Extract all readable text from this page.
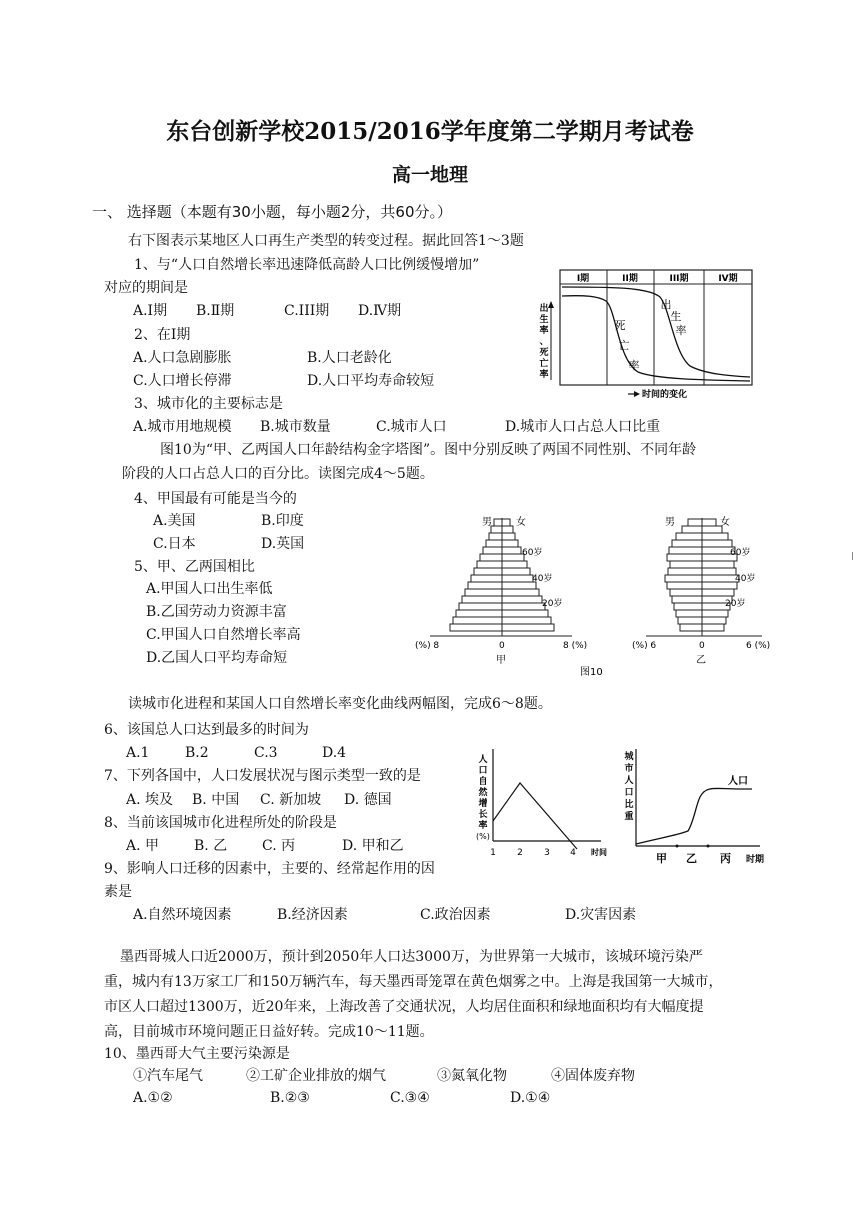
东台创新学校2015/2016学年度第二学期月考试卷
高一地理
一、 选择题（本题有30小题，每小题2分，共60分。）
右下图表示某地区人口再生产类型的转变过程。据此回答1～3题
1、与“人口自然增长率迅速降低高龄人口比例缓慢增加”
对应的期间是
A.Ⅰ期 B.Ⅱ期	C.III期 D.Ⅳ期
2、在Ⅰ期
A.人口急剧膨胀	B.人口老龄化
C.人口增长停滞	D.人口平均寿命较短
3、城市化的主要标志是
A.城市用地规模 B.城市数量	C.城市人口	D.城市人口占总人口比重
I期	II期	III期	IV期
出
生
率
、
死
亡
率
死
亡
率
出
生
率
时间的变化
图10为“甲、乙两国人口年龄结构金字塔图”。图中分别反映了两国不同性别、不同年龄
阶段的人口占总人口的百分比。读图完成4～5题。
4、甲国最有可能是当今的
A.美国	B.印度
C.日本	D.英国
5、甲、乙两国相比
A.甲国人口出生率低
B.乙国劳动力资源丰富
C.甲国人口自然增长率高
D.乙国人口平均寿命短
男 女
60岁
40岁
20岁
(%) 8	0	8 (%)
甲
男	女
60岁
40岁
20岁
(%) 6	0	6 (%)
乙
图10
读城市化进程和某国人口自然增长率变化曲线两幅图，完成6～8题。
6、该国总人口达到最多的时间为
A.1	B.2	C.3	D.4
7、下列各国中，人口发展状况与图示类型一致的是
A. 埃及 B. 中国 C. 新加坡 D. 德国
8、当前该国城市化进程所处的阶段是
A. 甲 B. 乙 C. 丙	D. 甲和乙
9、影响人口迁移的因素中，主要的、经常起作用的因
素是
A.自然环境因素	B.经济因素	C.政治因素	D.灾害因素
人
口
自
然
增
长
率
(%)
1 2 3 4 时间
城
市
人
口
比
重
人口
甲 乙 丙 时期
墨西哥城人口近2000万，预计到2050年人口达3000万，为世界第一大城市，该城环境污染严
重，城内有13万家工厂和150万辆汽车，每天墨西哥笼罩在黄色烟雾之中。上海是我国第一大城市，
市区人口超过1300万，近20年来，上海改善了交通状况，人均居住面积和绿地面积均有大幅度提
高，目前城市环境问题正日益好转。完成10～11题。
10、墨西哥大气主要污染源是
①汽车尾气	②工矿企业排放的烟气	③氮氧化物	④固体废弃物
A.①②	B.②③	C.③④	D.①④
